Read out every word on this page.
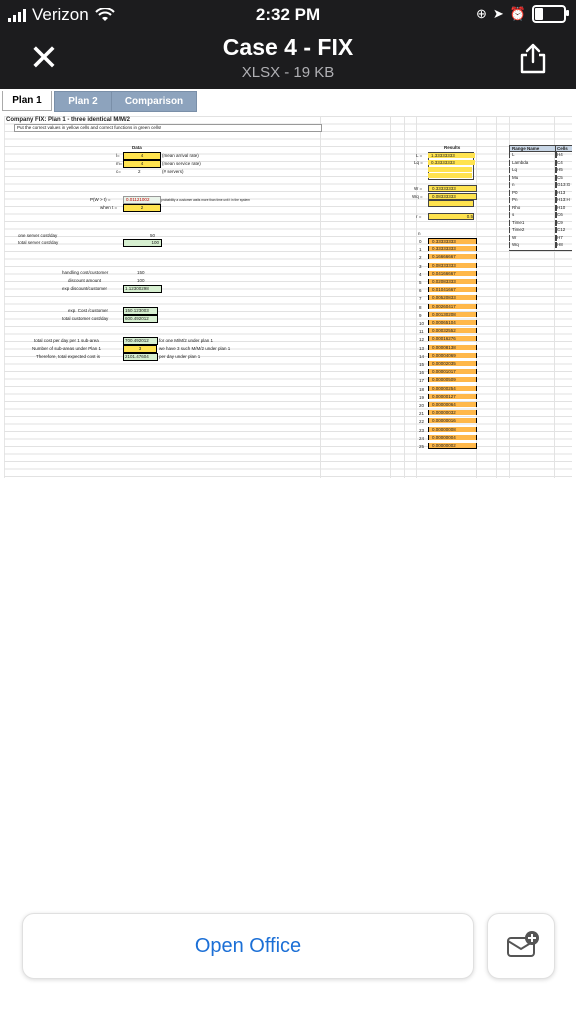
Verizon	2:32 PM	⊕ ➤ ⏰
✕	Case 4 - FIX
XLSX - 19 KB
Plan 1	Plan 2	Comparison
Company FIX: Plan 1 - three identical M/M/2
Put the correct values in yellow cells and correct functions in green cells!
Data	Results
l=	4	(mean arrival rate)
m=	4	(mean service rate)
c=	2	(# servers)
P(W > t) =	0.01121002	probability a customer waits more than time unit t in the system
when t =	2
one server cost/day	50
total server cost/day	100
handling cost/customer	150
discount amount	100
exp discount/customer	1.12300298
exp. Cost /customer	150.123003
total customer cost/day	600.492012
total cost per day per 1 sub-area	700.492012	for one M/M/2 under plan 1
Number of sub-areas under Plan 1	3	we have 3 such M/M/2 under plan 1
Therefore, total expected cost is	2101.47604	per day under plan 1
L =	1.33333333
Lq =	0.33333333
W =	0.33333333
Wq =	0.08333333
r =	0.5
n
Range Name	Cells
0	0.33333333
1	0.33333333
2	0.16666667
3	0.08333333
4	0.04166667
5	0.02083333
6	0.01041667
7	0.00520833
8	0.00260417
9	0.00130208
10	0.00065104
11	0.00032552
12	0.00016276
13	0.00008138
14	0.00004069
15	0.00002035
16	0.00001017
17	0.00000509
18	0.00000254
19	0.00000127
20	0.00000064
21	0.00000032
22	0.00000016
23	0.00000008
24	0.00000004
25	0.00000002
L	H4
Lambda	C4
Lq	H5
Mu	C5
n	G13:G
P0	H13
Pn	H13:H
Rho	H10
s	C6
Time1	C9
Time2	C12
W	H7
Wq	H8
Open Office
